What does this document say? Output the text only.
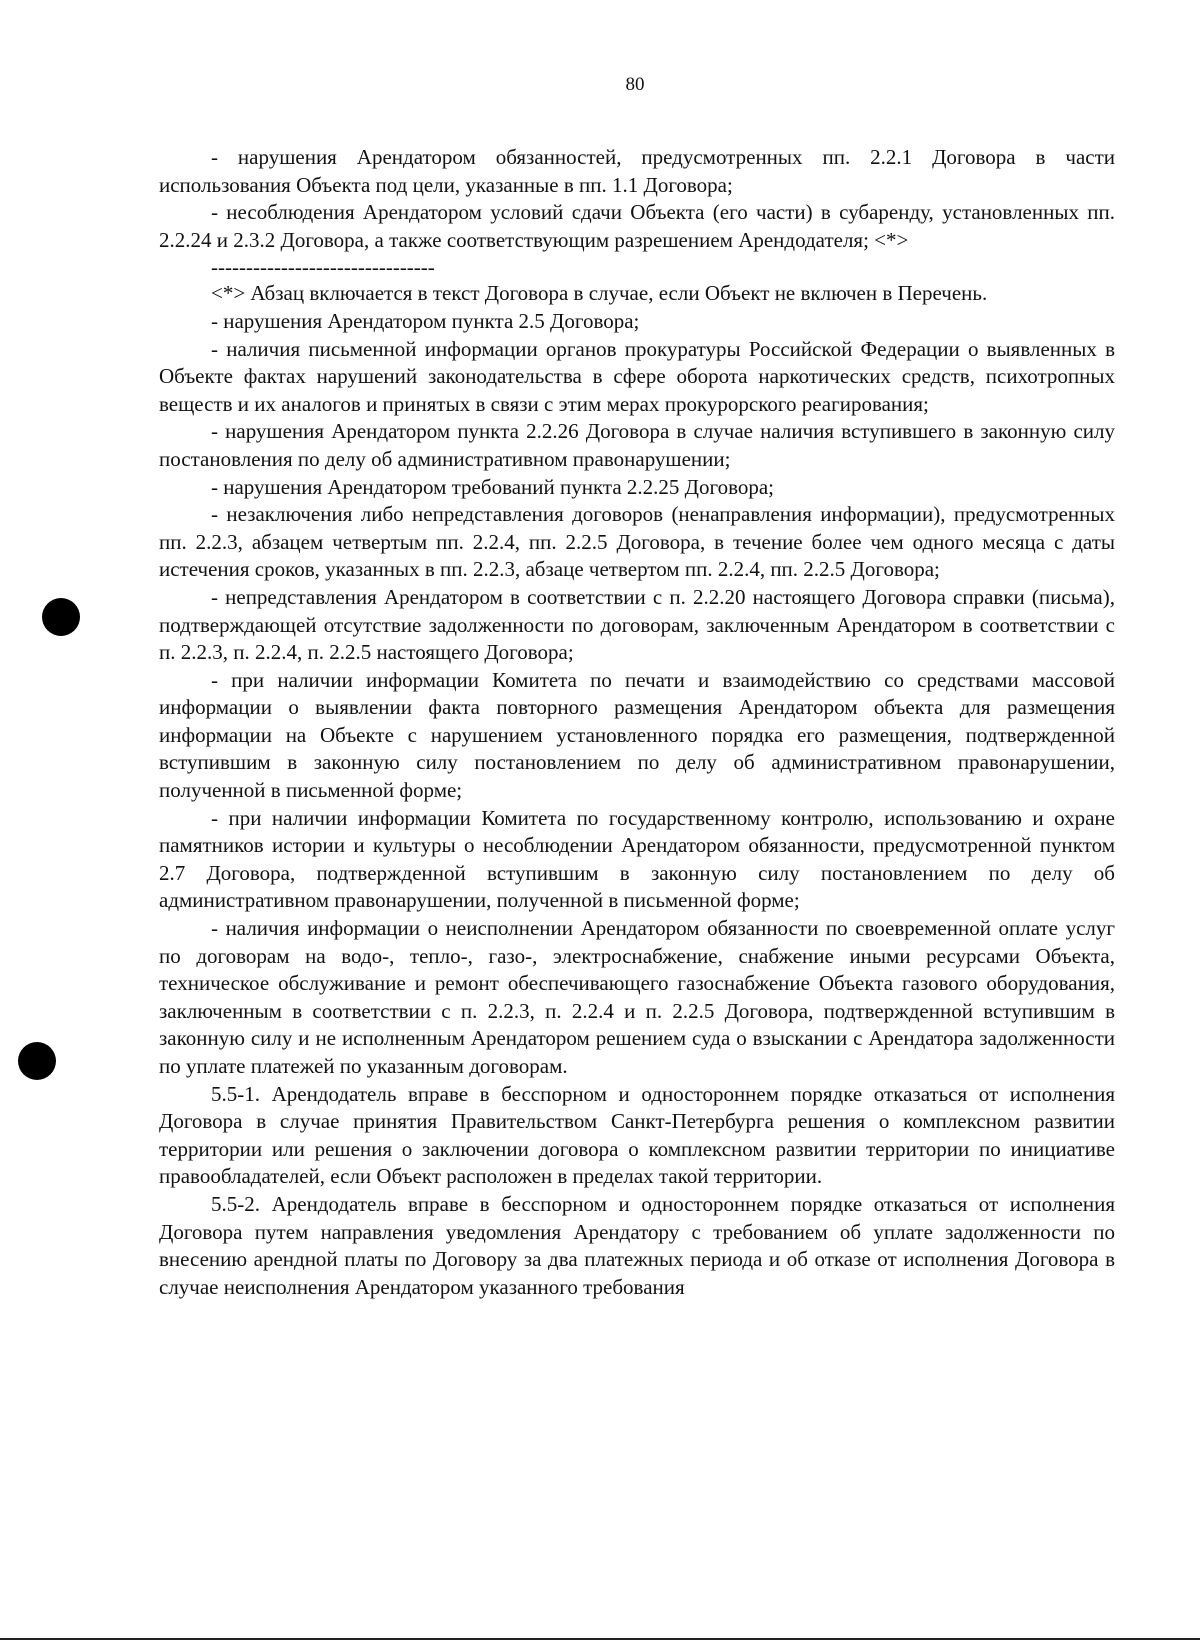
80

- нарушения Арендатором обязанностей, предусмотренных пп. 2.2.1 Договора в части использования Объекта под цели, указанные в пп. 1.1 Договора;

- несоблюдения Арендатором условий сдачи Объекта (его части) в субаренду, установленных пп. 2.2.24 и 2.3.2 Договора, а также соответствующим разрешением Арендодателя; <*>

--------------------------------

<*> Абзац включается в текст Договора в случае, если Объект не включен в Перечень.

- нарушения Арендатором пункта 2.5 Договора;

- наличия письменной информации органов прокуратуры Российской Федерации о выявленных в Объекте фактах нарушений законодательства в сфере оборота наркотических средств, психотропных веществ и их аналогов и принятых в связи с этим мерах прокурорского реагирования;

- нарушения Арендатором пункта 2.2.26 Договора в случае наличия вступившего в законную силу постановления по делу об административном правонарушении;

- нарушения Арендатором требований пункта 2.2.25 Договора;

- незаключения либо непредставления договоров (ненаправления информации), предусмотренных пп. 2.2.3, абзацем четвертым пп. 2.2.4, пп. 2.2.5 Договора, в течение более чем одного месяца с даты истечения сроков, указанных в пп. 2.2.3, абзаце четвертом пп. 2.2.4, пп. 2.2.5 Договора;

- непредставления Арендатором в соответствии с п. 2.2.20 настоящего Договора справки (письма), подтверждающей отсутствие задолженности по договорам, заключенным Арендатором в соответствии с п. 2.2.3, п. 2.2.4, п. 2.2.5 настоящего Договора;

- при наличии информации Комитета по печати и взаимодействию со средствами массовой информации о выявлении факта повторного размещения Арендатором объекта для размещения информации на Объекте с нарушением установленного порядка его размещения, подтвержденной вступившим в законную силу постановлением по делу об административном правонарушении, полученной в письменной форме;

- при наличии информации Комитета по государственному контролю, использованию и охране памятников истории и культуры о несоблюдении Арендатором обязанности, предусмотренной пунктом 2.7 Договора, подтвержденной вступившим в законную силу постановлением по делу об административном правонарушении, полученной в письменной форме;

- наличия информации о неисполнении Арендатором обязанности по своевременной оплате услуг по договорам на водо-, тепло-, газо-, электроснабжение, снабжение иными ресурсами Объекта, техническое обслуживание и ремонт обеспечивающего газоснабжение Объекта газового оборудования, заключенным в соответствии с п. 2.2.3, п. 2.2.4 и п. 2.2.5 Договора, подтвержденной вступившим в законную силу и не исполненным Арендатором решением суда о взыскании с Арендатора задолженности по уплате платежей по указанным договорам.

5.5-1. Арендодатель вправе в бесспорном и одностороннем порядке отказаться от исполнения Договора в случае принятия Правительством Санкт-Петербурга решения о комплексном развитии территории или решения о заключении договора о комплексном развитии территории по инициативе правообладателей, если Объект расположен в пределах такой территории.

5.5-2. Арендодатель вправе в бесспорном и одностороннем порядке отказаться от исполнения Договора путем направления уведомления Арендатору с требованием об уплате задолженности по внесению арендной платы по Договору за два платежных периода и об отказе от исполнения Договора в случае неисполнения Арендатором указанного требования
